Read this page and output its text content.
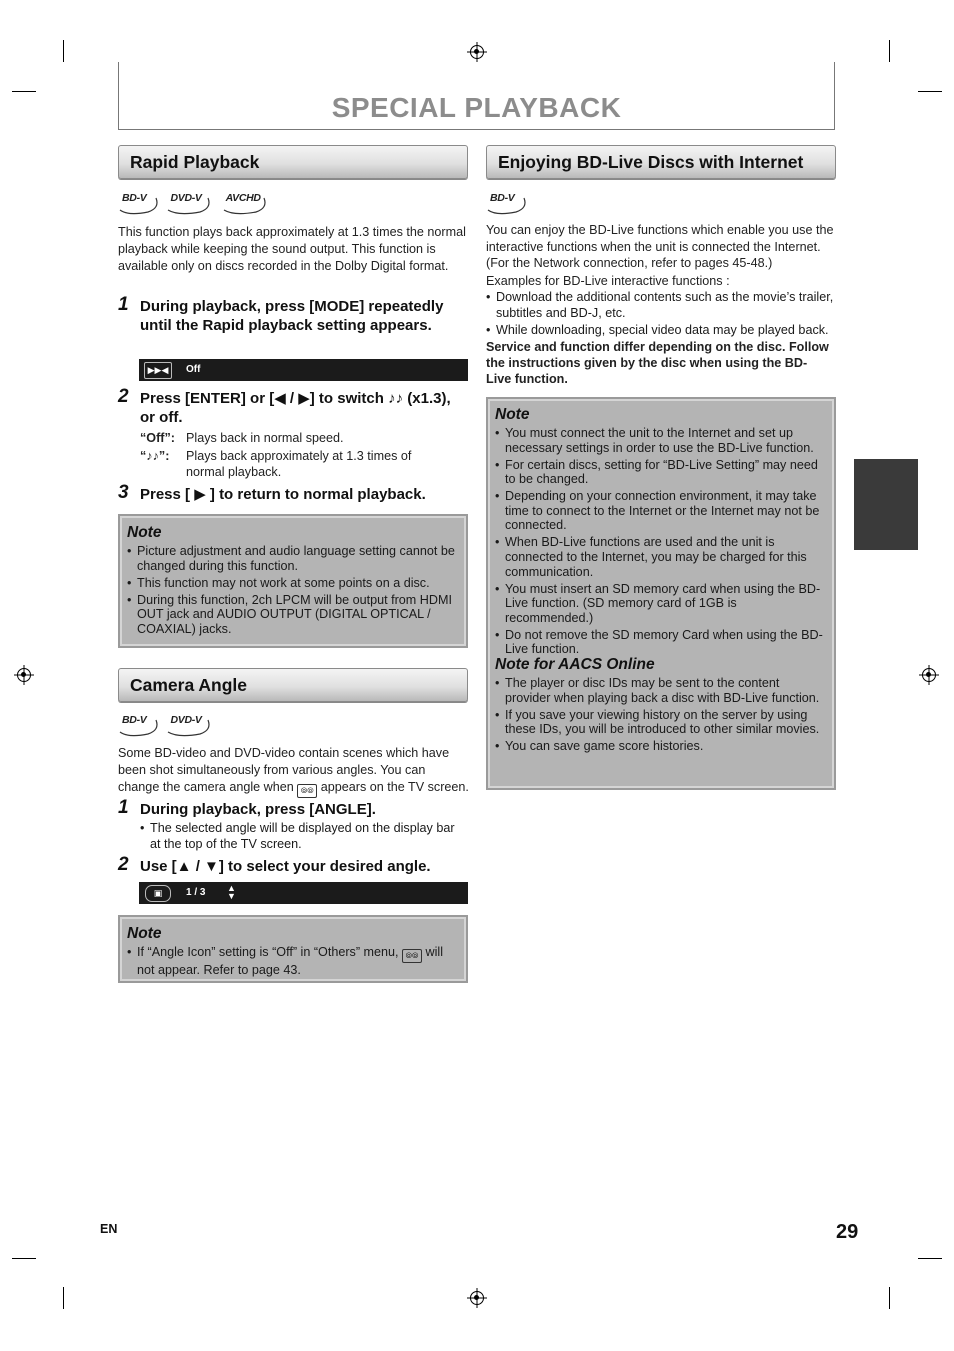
SPECIAL PLAYBACK
Rapid Playback
BD-V	DVD-V	AVCHD
This function plays back approximately at 1.3 times the normal playback while keeping the sound output. This function is available only on discs recorded in the Dolby Digital format.
1 During playback, press [MODE] repeatedly until the Rapid playback setting appears.
▶▶◀	Off
2 Press [ENTER] or [◀ / ▶] to switch ♪♪ (x1.3), or off.
“Off”: Plays back in normal speed.
“♪♪”: Plays back approximately at 1.3 times of normal playback.
3 Press [ ▶ ] to return to normal playback.
Note
• Picture adjustment and audio language setting cannot be changed during this function.
• This function may not work at some points on a disc.
• During this function, 2ch LPCM will be output from HDMI OUT jack and AUDIO OUTPUT (DIGITAL OPTICAL / COAXIAL) jacks.
Camera Angle
BD-V	DVD-V
Some BD-video and DVD-video contain scenes which have been shot simultaneously from various angles. You can change the camera angle when ⦾⦾ appears on the TV screen.
1 During playback, press [ANGLE].
• The selected angle will be displayed on the display bar at the top of the TV screen.
2 Use [▲ / ▼] to select your desired angle.
▣	1 / 3 ▲
▼
Note
• If “Angle Icon” setting is “Off” in “Others” menu, ⦾⦾ will not appear. Refer to page 43.
Enjoying BD-Live Discs with Internet
BD-V
You can enjoy the BD-Live functions which enable you use the interactive functions when the unit is connected the Internet. (For the Network connection, refer to pages 45-48.)
Examples for BD-Live interactive functions :
• Download the additional contents such as the movie’s trailer, subtitles and BD-J, etc.
• While downloading, special video data may be played back.
Service and function differ depending on the disc. Follow the instructions given by the disc when using the BD-Live function.
Note
• You must connect the unit to the Internet and set up necessary settings in order to use the BD-Live function.
• For certain discs, setting for “BD-Live Setting” may need to be changed.
• Depending on your connection environment, it may take time to connect to the Internet or the Internet may not be connected.
• When BD-Live functions are used and the unit is connected to the Internet, you may be charged for this communication.
• You must insert an SD memory card when using the BD-Live function. (SD memory card of 1GB is recommended.)
• Do not remove the SD memory Card when using the BD-Live function.
Note for AACS Online
• The player or disc IDs may be sent to the content provider when playing back a disc with BD-Live function.
• If you save your viewing history on the server by using these IDs, you will be introduced to other similar movies.
• You can save game score histories.
EN	29
